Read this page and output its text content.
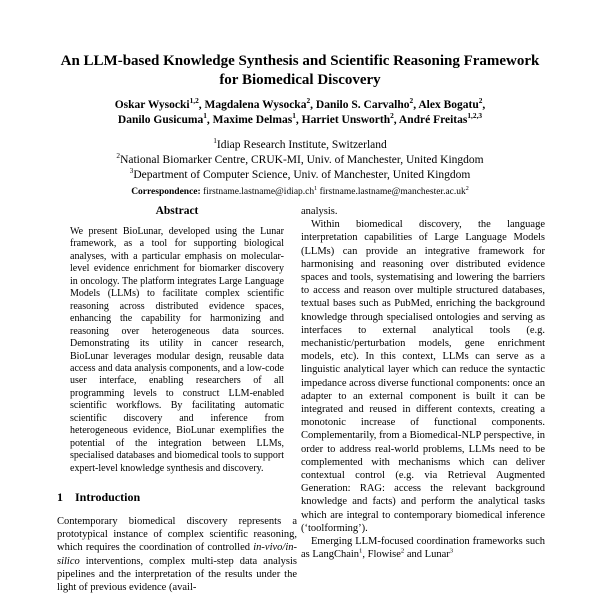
An LLM-based Knowledge Synthesis and Scientific Reasoning Framework for Biomedical Discovery
Oskar Wysocki$^{1,2}$, Magdalena Wysocka$^2$, Danilo S. Carvalho$^2$, Alex Bogatu$^2$,
Danilo Gusicuma$^1$, Maxime Delmas$^1$, Harriet Unsworth$^2$, André Freitas$^{1,2,3}$
$^1$Idiap Research Institute, Switzerland
$^2$National Biomarker Centre, CRUK-MI, Univ. of Manchester, United Kingdom
$^3$Department of Computer Science, Univ. of Manchester, United Kingdom
Correspondence: $firstname.lastname@idiap.ch^1$ $firstname.lastname@manchester.ac.uk^2$
Abstract

We present BioLunar, developed using the Lunar framework, as a tool for supporting biological analyses, with a particular emphasis on molecular-level evidence enrichment for biomarker discovery in oncology. The platform integrates Large Language Models (LLMs) to facilitate complex scientific reasoning across distributed evidence spaces, enhancing the capability for harmonizing and reasoning over heterogeneous data sources. Demonstrating its utility in cancer research, BioLunar leverages modular design, reusable data access and data analysis components, and a low-code user interface, enabling researchers of all programming levels to construct LLM-enabled scientific workflows. By facilitating automatic scientific discovery and inference from heterogeneous evidence, BioLunar exemplifies the potential of the integration between LLMs, specialised databases and biomedical tools to support expert-level knowledge synthesis and discovery.

1 Introduction

Contemporary biomedical discovery represents a prototypical instance of complex scientific reasoning, which requires the coordination of controlled in-vivo/in-silico interventions, complex multi-step data analysis pipelines and the interpretation of the results under the light of previous evidence (avail-

analysis.

Within biomedical discovery, the language interpretation capabilities of Large Language Models (LLMs) can provide an integrative framework for harmonising and reasoning over distributed evidence spaces and tools, systematising and lowering the barriers to access and reason over multiple structured databases, textual bases such as PubMed, enriching the background knowledge through specialised ontologies and serving as interfaces to external analytical tools (e.g. mechanistic/perturbation models, gene enrichment models, etc). In this context, LLMs can serve as a linguistic analytical layer which can reduce the syntactic impedance across diverse functional components: once an adapter to an external component is built it can be integrated and reused in different contexts, creating a monotonic increase of functional components. Complementarily, from a Biomedical-NLP perspective, in order to address real-world problems, LLMs need to be complemented with mechanisms which can deliver contextual control (e.g. via Retrieval Augmented Generation: RAG: access the relevant background knowledge and facts) and perform the analytical tasks which are integral to contemporary biomedical inference (‘toolforming’).

Emerging LLM-focused coordination frameworks such as LangChain$^1$, Flowise$^2$ and Lunar$^3$
